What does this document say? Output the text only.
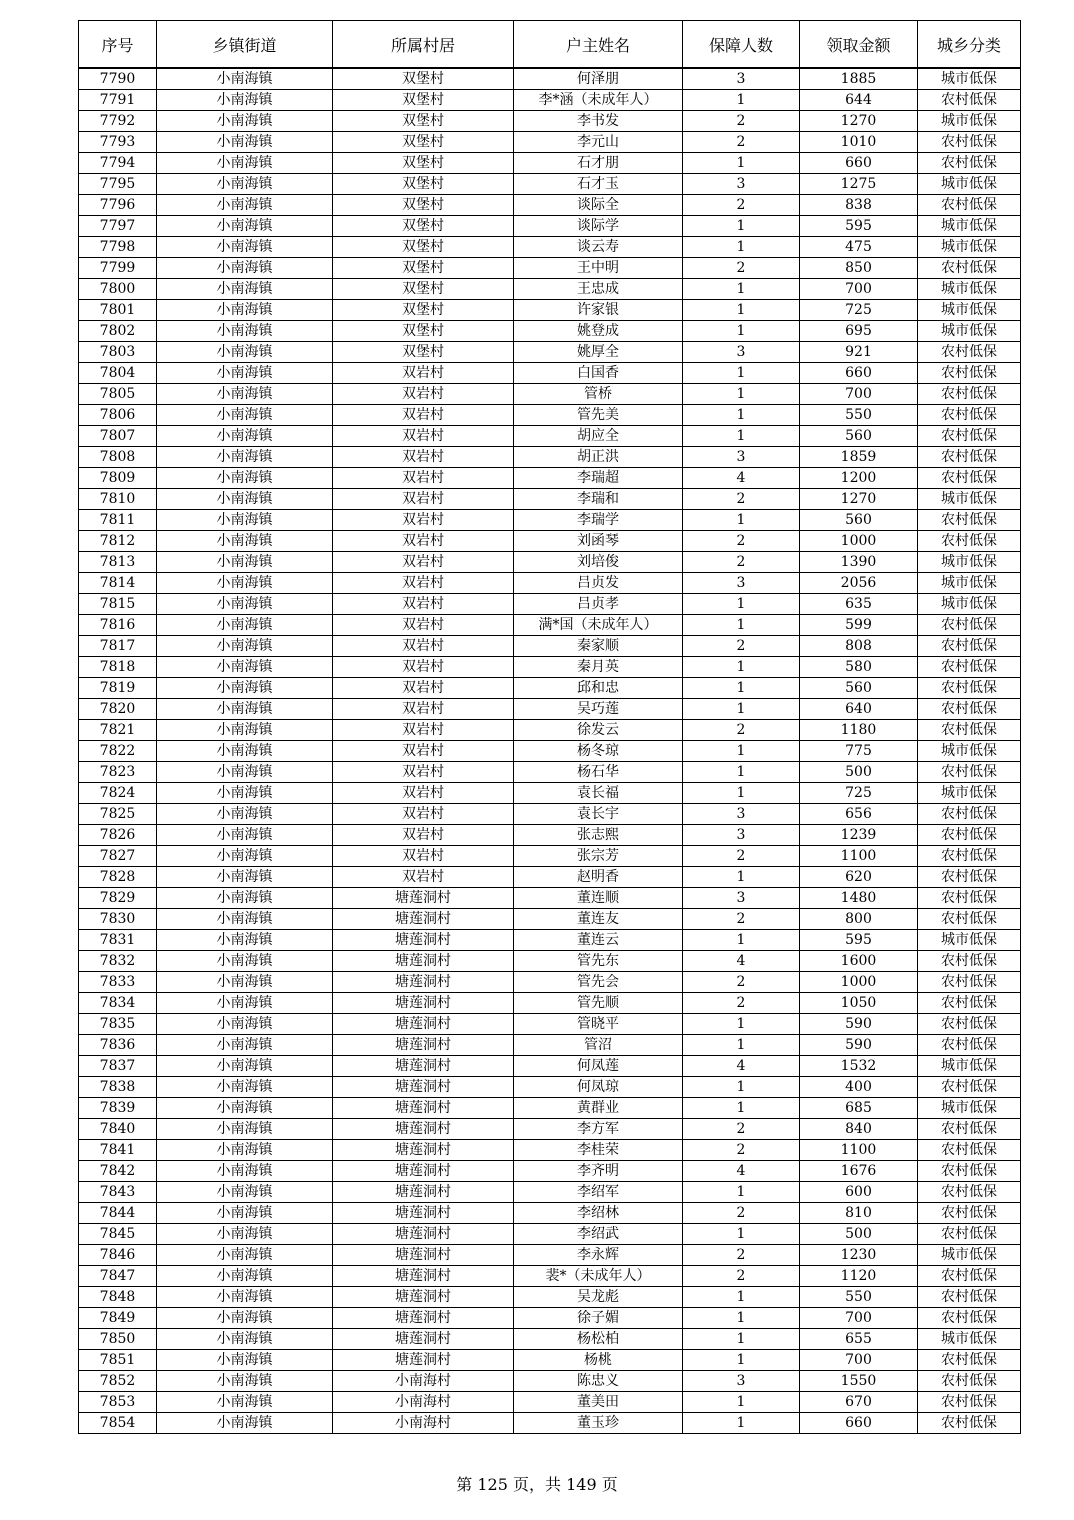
序号	乡镇街道	所属村居	户主姓名	保障人数	领取金额	城乡分类
7790	小南海镇	双堡村	何泽朋	3	1885	城市低保
7791	小南海镇	双堡村	李*涵（未成年人）	1	644	农村低保
7792	小南海镇	双堡村	李书发	2	1270	城市低保
7793	小南海镇	双堡村	李元山	2	1010	农村低保
7794	小南海镇	双堡村	石才朋	1	660	农村低保
7795	小南海镇	双堡村	石才玉	3	1275	城市低保
7796	小南海镇	双堡村	谈际全	2	838	农村低保
7797	小南海镇	双堡村	谈际学	1	595	城市低保
7798	小南海镇	双堡村	谈云寿	1	475	城市低保
7799	小南海镇	双堡村	王中明	2	850	农村低保
7800	小南海镇	双堡村	王忠成	1	700	城市低保
7801	小南海镇	双堡村	许家银	1	725	城市低保
7802	小南海镇	双堡村	姚登成	1	695	城市低保
7803	小南海镇	双堡村	姚厚全	3	921	农村低保
7804	小南海镇	双岩村	白国香	1	660	农村低保
7805	小南海镇	双岩村	管桥	1	700	农村低保
7806	小南海镇	双岩村	管先美	1	550	农村低保
7807	小南海镇	双岩村	胡应全	1	560	农村低保
7808	小南海镇	双岩村	胡正洪	3	1859	农村低保
7809	小南海镇	双岩村	李瑞超	4	1200	农村低保
7810	小南海镇	双岩村	李瑞和	2	1270	城市低保
7811	小南海镇	双岩村	李瑞学	1	560	农村低保
7812	小南海镇	双岩村	刘函琴	2	1000	农村低保
7813	小南海镇	双岩村	刘培俊	2	1390	城市低保
7814	小南海镇	双岩村	吕贞发	3	2056	城市低保
7815	小南海镇	双岩村	吕贞孝	1	635	城市低保
7816	小南海镇	双岩村	满*国（未成年人）	1	599	农村低保
7817	小南海镇	双岩村	秦家顺	2	808	农村低保
7818	小南海镇	双岩村	秦月英	1	580	农村低保
7819	小南海镇	双岩村	邱和忠	1	560	农村低保
7820	小南海镇	双岩村	吴巧莲	1	640	农村低保
7821	小南海镇	双岩村	徐发云	2	1180	农村低保
7822	小南海镇	双岩村	杨冬琼	1	775	城市低保
7823	小南海镇	双岩村	杨石华	1	500	农村低保
7824	小南海镇	双岩村	袁长福	1	725	城市低保
7825	小南海镇	双岩村	袁长宇	3	656	农村低保
7826	小南海镇	双岩村	张志熙	3	1239	农村低保
7827	小南海镇	双岩村	张宗芳	2	1100	农村低保
7828	小南海镇	双岩村	赵明香	1	620	农村低保
7829	小南海镇	塘莲洞村	董连顺	3	1480	农村低保
7830	小南海镇	塘莲洞村	董连友	2	800	农村低保
7831	小南海镇	塘莲洞村	董连云	1	595	城市低保
7832	小南海镇	塘莲洞村	管先东	4	1600	农村低保
7833	小南海镇	塘莲洞村	管先会	2	1000	农村低保
7834	小南海镇	塘莲洞村	管先顺	2	1050	农村低保
7835	小南海镇	塘莲洞村	管晓平	1	590	农村低保
7836	小南海镇	塘莲洞村	管沼	1	590	农村低保
7837	小南海镇	塘莲洞村	何凤莲	4	1532	城市低保
7838	小南海镇	塘莲洞村	何凤琼	1	400	农村低保
7839	小南海镇	塘莲洞村	黄群业	1	685	城市低保
7840	小南海镇	塘莲洞村	李方军	2	840	农村低保
7841	小南海镇	塘莲洞村	李桂荣	2	1100	农村低保
7842	小南海镇	塘莲洞村	李齐明	4	1676	农村低保
7843	小南海镇	塘莲洞村	李绍军	1	600	农村低保
7844	小南海镇	塘莲洞村	李绍林	2	810	农村低保
7845	小南海镇	塘莲洞村	李绍武	1	500	农村低保
7846	小南海镇	塘莲洞村	李永辉	2	1230	城市低保
7847	小南海镇	塘莲洞村	裴*（未成年人）	2	1120	农村低保
7848	小南海镇	塘莲洞村	吴龙彪	1	550	农村低保
7849	小南海镇	塘莲洞村	徐子媚	1	700	农村低保
7850	小南海镇	塘莲洞村	杨松柏	1	655	城市低保
7851	小南海镇	塘莲洞村	杨桃	1	700	农村低保
7852	小南海镇	小南海村	陈忠义	3	1550	农村低保
7853	小南海镇	小南海村	董美田	1	670	农村低保
7854	小南海镇	小南海村	董玉珍	1	660	农村低保
第 125 页，共 149 页
